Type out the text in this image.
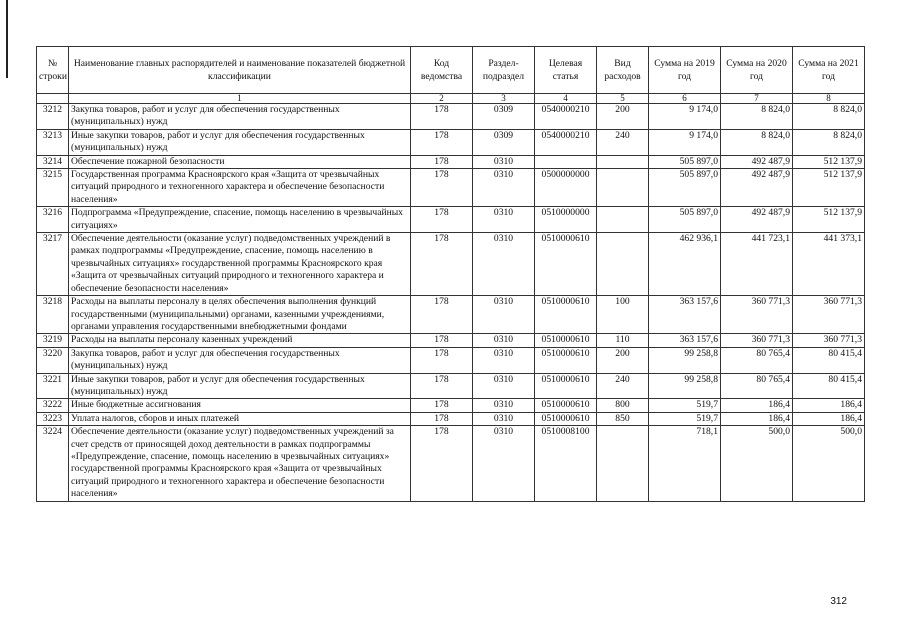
№ строки	Наименование главных распорядителей и наименование показателей бюджетной классификации	Код ведомства	Раздел- подраздел	Целевая статья	Вид расходов	Сумма на 2019 год	Сумма на 2020 год	Сумма на 2021 год
	1	2	3	4	5	6	7	8
3212	Закупка товаров, работ и услуг для обеспечения государственных (муниципальных) нужд	178	0309	0540000210	200	9 174,0	8 824,0	8 824,0
3213	Иные закупки товаров, работ и услуг для обеспечения государственных (муниципальных) нужд	178	0309	0540000210	240	9 174,0	8 824,0	8 824,0
3214	Обеспечение пожарной безопасности	178	0310			505 897,0	492 487,9	512 137,9
3215	Государственная программа Красноярского края «Защита от чрезвычайных ситуаций природного и техногенного характера и обеспечение безопасности населения»	178	0310	0500000000		505 897,0	492 487,9	512 137,9
3216	Подпрограмма «Предупреждение, спасение, помощь населению в чрезвычайных ситуациях»	178	0310	0510000000		505 897,0	492 487,9	512 137,9
3217	Обеспечение деятельности (оказание услуг) подведомственных учреждений в рамках подпрограммы «Предупреждение, спасение, помощь населению в чрезвычайных ситуациях» государственной программы Красноярского края «Защита от чрезвычайных ситуаций природного и техногенного характера и обеспечение безопасности населения»	178	0310	0510000610		462 936,1	441 723,1	441 373,1
3218	Расходы на выплаты персоналу в целях обеспечения выполнения функций государственными (муниципальными) органами, казенными учреждениями, органами управления государственными внебюджетными фондами	178	0310	0510000610	100	363 157,6	360 771,3	360 771,3
3219	Расходы на выплаты персоналу казенных учреждений	178	0310	0510000610	110	363 157,6	360 771,3	360 771,3
3220	Закупка товаров, работ и услуг для обеспечения государственных (муниципальных) нужд	178	0310	0510000610	200	99 258,8	80 765,4	80 415,4
3221	Иные закупки товаров, работ и услуг для обеспечения государственных (муниципальных) нужд	178	0310	0510000610	240	99 258,8	80 765,4	80 415,4
3222	Иные бюджетные ассигнования	178	0310	0510000610	800	519,7	186,4	186,4
3223	Уплата налогов, сборов и иных платежей	178	0310	0510000610	850	519,7	186,4	186,4
3224	Обеспечение деятельности (оказание услуг) подведомственных учреждений за счет средств от приносящей доход деятельности в рамках подпрограммы «Предупреждение, спасение, помощь населению в чрезвычайных ситуациях» государственной программы Красноярского края «Защита от чрезвычайных ситуаций природного и техногенного характера и обеспечение безопасности населения»	178	0310	0510008100		718,1	500,0	500,0
312
